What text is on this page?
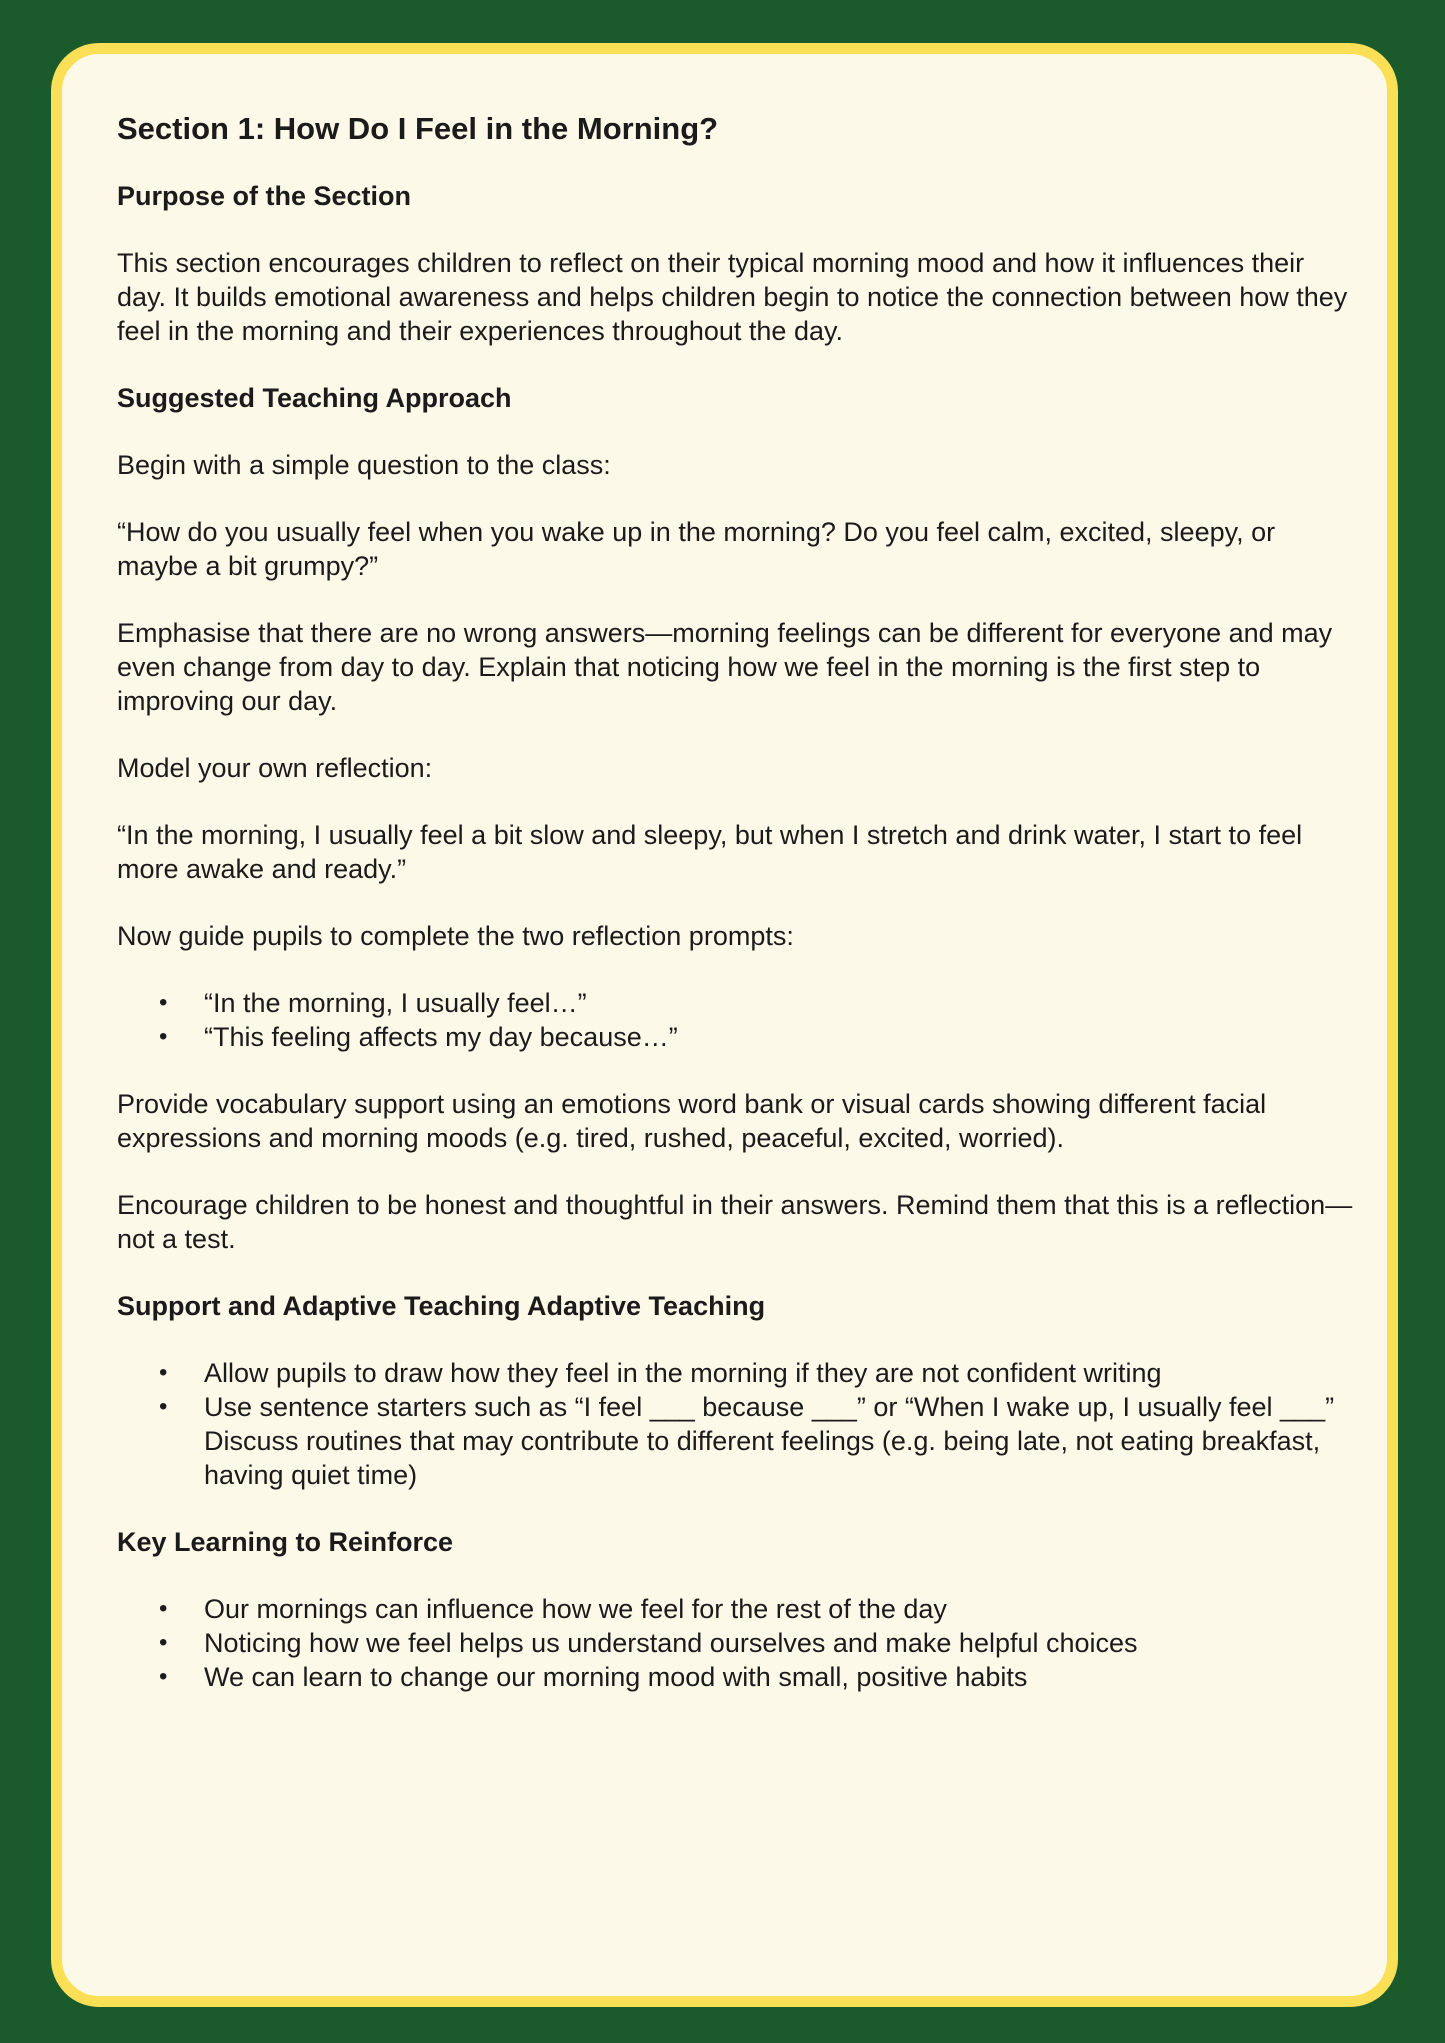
Section 1: How Do I Feel in the Morning?
Purpose of the Section

This section encourages children to reflect on their typical morning mood and how it influences their day. It builds emotional awareness and helps children begin to notice the connection between how they feel in the morning and their experiences throughout the day.

Suggested Teaching Approach

Begin with a simple question to the class:

“How do you usually feel when you wake up in the morning? Do you feel calm, excited, sleepy, or maybe a bit grumpy?”

Emphasise that there are no wrong answers—morning feelings can be different for everyone and may even change from day to day. Explain that noticing how we feel in the morning is the first step to improving our day.

Model your own reflection:

“In the morning, I usually feel a bit slow and sleepy, but when I stretch and drink water, I start to feel more awake and ready.”

Now guide pupils to complete the two reflection prompts:

• “In the morning, I usually feel…”
• “This feeling affects my day because…”

Provide vocabulary support using an emotions word bank or visual cards showing different facial expressions and morning moods (e.g. tired, rushed, peaceful, excited, worried).

Encourage children to be honest and thoughtful in their answers. Remind them that this is a reflection—not a test.

Support and Adaptive Teaching Adaptive Teaching
• Allow pupils to draw how they feel in the morning if they are not confident writing
• Use sentence starters such as “I feel ___ because ___” or “When I wake up, I usually feel ___”
Discuss routines that may contribute to different feelings (e.g. being late, not eating breakfast, having quiet time)
Key Learning to Reinforce
• Our mornings can influence how we feel for the rest of the day
• Noticing how we feel helps us understand ourselves and make helpful choices
• We can learn to change our morning mood with small, positive habits
